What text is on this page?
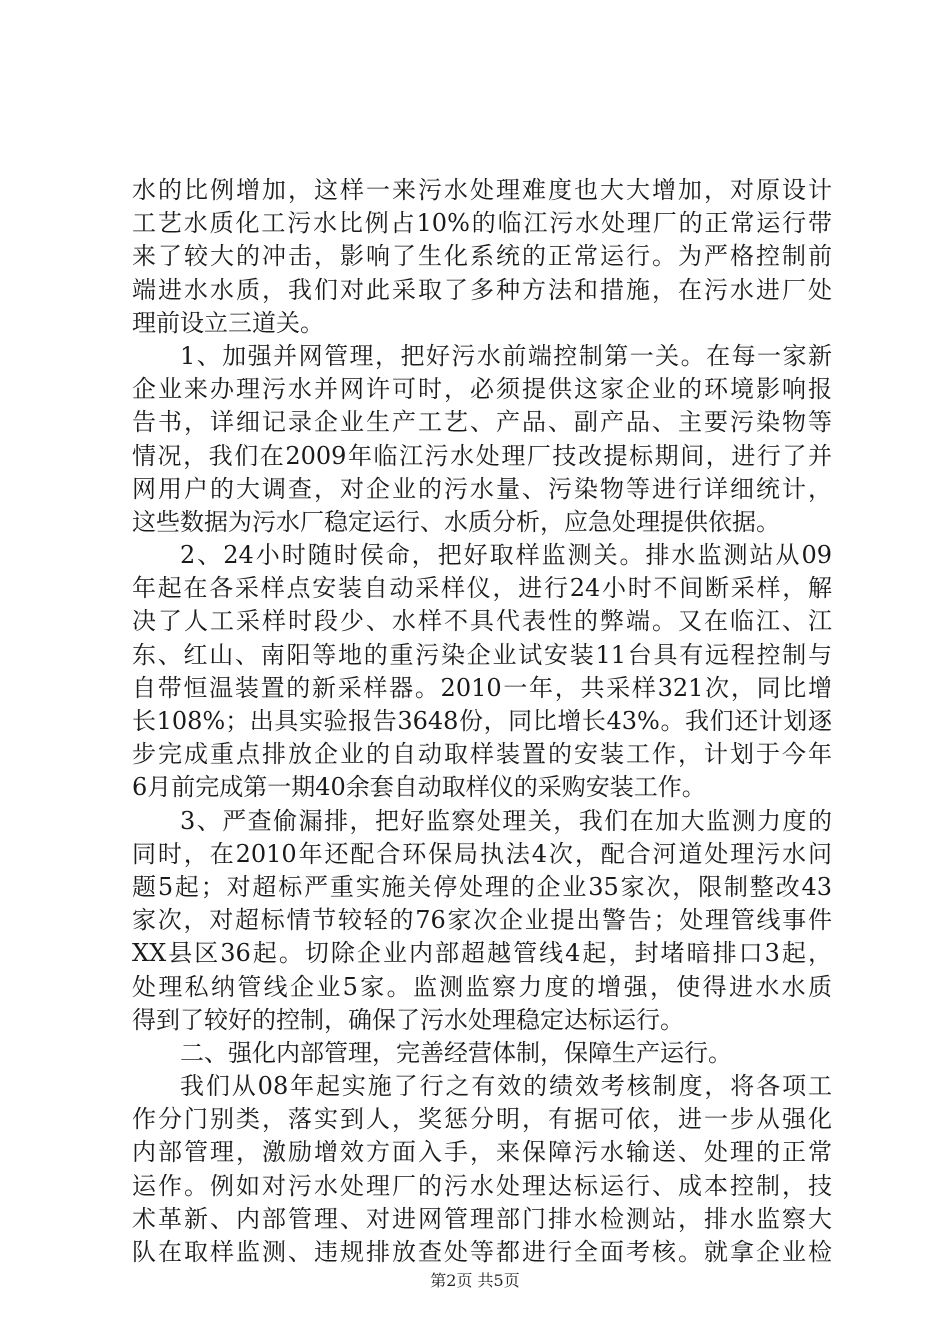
水的比例增加，这样一来污水处理难度也大大增加，对原设计
工艺水质化工污水比例占10%的临江污水处理厂的正常运行带
来了较大的冲击，影响了生化系统的正常运行。为严格控制前
端进水水质，我们对此采取了多种方法和措施，在污水进厂处
理前设立三道关。
1、加强并网管理，把好污水前端控制第一关。在每一家新
企业来办理污水并网许可时，必须提供这家企业的环境影响报
告书，详细记录企业生产工艺、产品、副产品、主要污染物等
情况，我们在2009年临江污水处理厂技改提标期间，进行了并
网用户的大调查，对企业的污水量、污染物等进行详细统计，
这些数据为污水厂稳定运行、水质分析，应急处理提供依据。
2、24小时随时侯命，把好取样监测关。排水监测站从09
年起在各采样点安装自动采样仪，进行24小时不间断采样，解
决了人工采样时段少、水样不具代表性的弊端。又在临江、江
东、红山、南阳等地的重污染企业试安装11台具有远程控制与
自带恒温装置的新采样器。2010一年，共采样321次，同比增
长108%；出具实验报告3648份，同比增长43%。我们还计划逐
步完成重点排放企业的自动取样装置的安装工作，计划于今年
6月前完成第一期40余套自动取样仪的采购安装工作。
3、严查偷漏排，把好监察处理关，我们在加大监测力度的
同时，在2010年还配合环保局执法4次，配合河道处理污水问
题5起；对超标严重实施关停处理的企业35家次，限制整改43
家次，对超标情节较轻的76家次企业提出警告；处理管线事件
XX县区36起。切除企业内部超越管线4起，封堵暗排口3起，
处理私纳管线企业5家。监测监察力度的增强，使得进水水质
得到了较好的控制，确保了污水处理稳定达标运行。
二、强化内部管理，完善经营体制，保障生产运行。
我们从08年起实施了行之有效的绩效考核制度，将各项工
作分门别类，落实到人，奖惩分明，有据可依，进一步从强化
内部管理，激励增效方面入手，来保障污水输送、处理的正常
运作。例如对污水处理厂的污水处理达标运行、成本控制，技
术革新、内部管理、对进网管理部门排水检测站，排水监察大
队在取样监测、违规排放查处等都进行全面考核。就拿企业检
第2页 共5页
